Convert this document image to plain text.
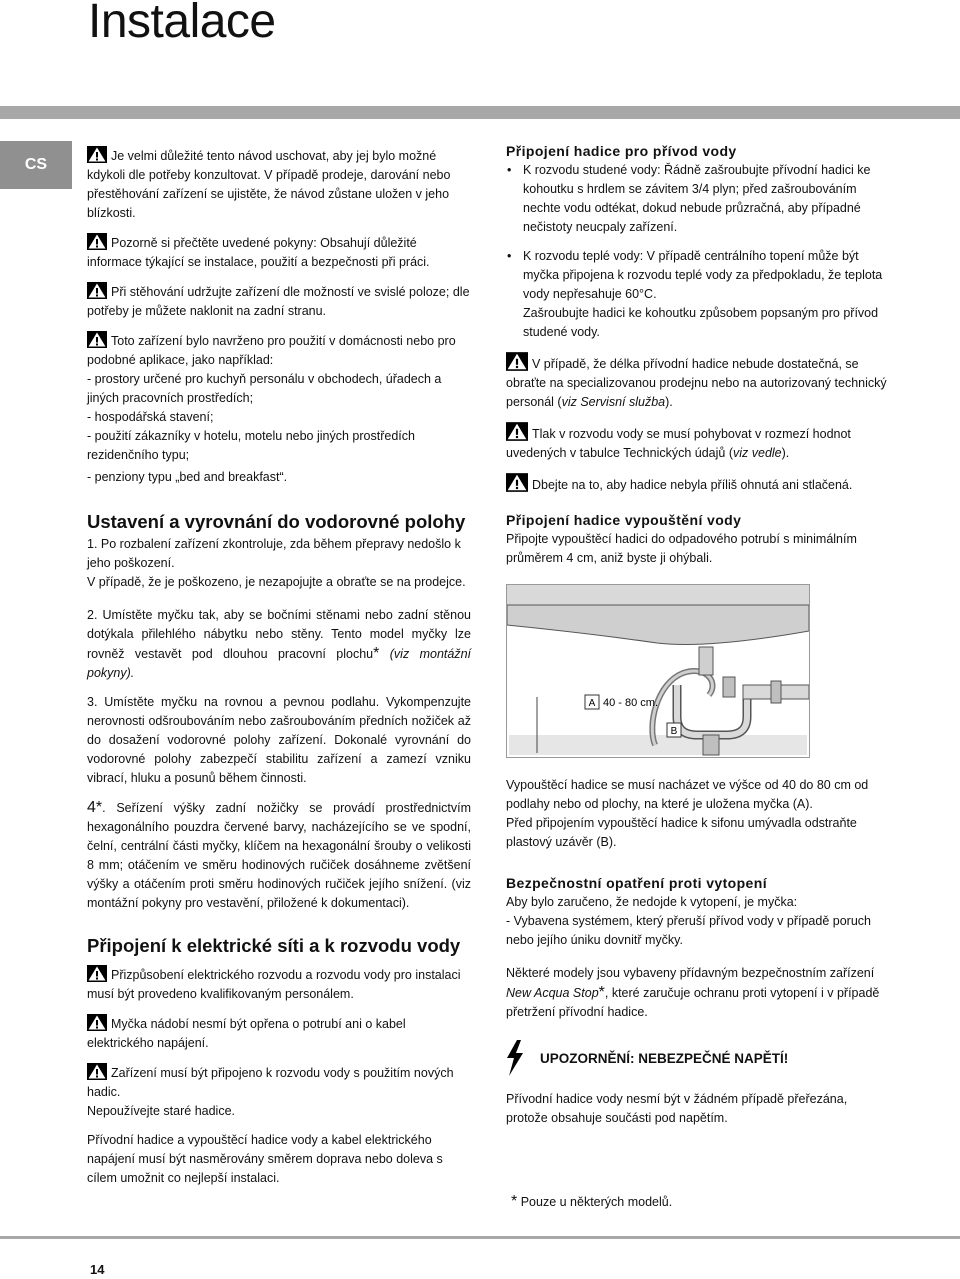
Instalace
CS	Je velmi důležité tento návod uschovat, aby jej bylo možné kdykoli dle potřeby konzultovat. V případě prodeje, darování nebo přestěhování zařízení se ujistěte, že návod zůstane uložen v jeho blízkosti.

Pozorně si přečtěte uvedené pokyny: Obsahují důležité informace týkající se instalace, použití a bezpečnosti při práci.

Při stěhování udržujte zařízení dle možností ve svislé poloze; dle potřeby je můžete naklonit na zadní stranu.

Toto zařízení bylo navrženo pro použití v domácnosti nebo pro podobné aplikace, jako například:

- prostory určené pro kuchyň personálu v obchodech, úřadech a jiných pracovních prostředích;

- hospodářská stavení;

- použití zákazníky v hotelu, motelu nebo jiných prostředích rezidenčního typu;

- penziony typu „bed and breakfast“.

Ustavení a vyrovnání do vodorovné polohy

1. Po rozbalení zařízení zkontroluje, zda během přepravy nedošlo k jeho poškození.

V případě, že je poškozeno, je nezapojujte a obraťte se na prodejce.

2. Umístěte myčku tak, aby se bočními stěnami nebo zadní stěnou dotýkala přilehlého nábytku nebo stěny. Tento model myčky lze rovněž vestavět pod dlouhou pracovní plochu* (viz montážní pokyny).

3. Umístěte myčku na rovnou a pevnou podlahu. Vykompenzujte nerovnosti odšroubováním nebo zašroubováním předních nožiček až do dosažení vodorovné polohy zařízení. Dokonalé vyrovnání do vodorovné polohy zabezpečí stabilitu zařízení a zamezí vzniku vibrací, hluku a posunů během činnosti.

4*. Seřízení výšky zadní nožičky se provádí prostřednictvím hexagonálního pouzdra červené barvy, nacházejícího se ve spodní, čelní, centrální části myčky, klíčem na hexagonální šrouby o velikosti 8 mm; otáčením ve směru hodinových ručiček dosáhneme zvětšení výšky a otáčením proti směru hodinových ručiček jejího snížení. (viz montážní pokyny pro vestavění, přiložené k dokumentaci).

Připojení k elektrické síti a k rozvodu vody

Přizpůsobení elektrického rozvodu a rozvodu vody pro instalaci musí být provedeno kvalifikovaným personálem.

Myčka nádobí nesmí být opřena o potrubí ani o kabel elektrického napájení.

Zařízení musí být připojeno k rozvodu vody s použitím nových hadic.

Nepoužívejte staré hadice.

Přívodní hadice a vypouštěcí hadice vody a kabel elektrického napájení musí být nasměrovány směrem doprava nebo doleva s cílem umožnit co nejlepší instalaci.

Připojení hadice pro přívod vody

• K rozvodu studené vody: Řádně zašroubujte přívodní hadici ke kohoutku s hrdlem se závitem 3/4 plyn; před zašroubováním nechte vodu odtékat, dokud nebude průzračná, aby případné nečistoty neucpaly zařízení.

• K rozvodu teplé vody: V případě centrálního topení může být myčka připojena k rozvodu teplé vody za předpokladu, že teplota vody nepřesahuje 60°C.

Zašroubujte hadici ke kohoutku způsobem popsaným pro přívod studené vody.

V případě, že délka přívodní hadice nebude dostatečná, se obraťte na specializovanou prodejnu nebo na autorizovaný technický personál (viz Servisní služba).

Tlak v rozvodu vody se musí pohybovat v rozmezí hodnot uvedených v tabulce Technických údajů (viz vedle).

Dbejte na to, aby hadice nebyla příliš ohnutá ani stlačená.

Připojení hadice vypouštění vody

Připojte vypouštěcí hadici do odpadového potrubí s minimálním průměrem 4 cm, aniž byste ji ohýbali.

A 40 - 80 cm.
B

Vypouštěcí hadice se musí nacházet ve výšce od 40 do 80 cm od podlahy nebo od plochy, na které je uložena myčka (A).

Před připojením vypouštěcí hadice k sifonu umývadla odstraňte plastový uzávěr (B).

Bezpečnostní opatření proti vytopení

Aby bylo zaručeno, že nedojde k vytopení, je myčka:

- Vybavena systémem, který přeruší přívod vody v případě poruch nebo jejího úniku dovnitř myčky.

Některé modely jsou vybaveny přídavným bezpečnostním zařízení New Acqua Stop*, které zaručuje ochranu proti vytopení i v případě přetržení přívodní hadice.

UPOZORNĚNÍ: NEBEZPEČNÉ NAPĚTÍ!

Přívodní hadice vody nesmí být v žádném případě přeřezána, protože obsahuje součásti pod napětím.

* Pouze u některých modelů.
14
